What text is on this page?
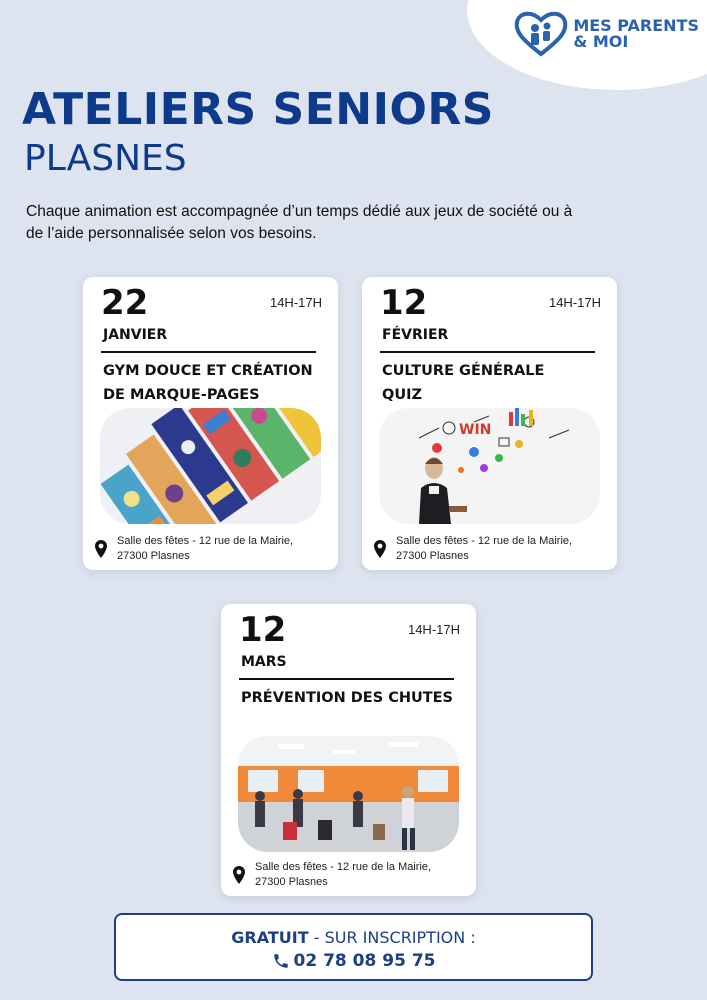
MES PARENTS
& MOI
ATELIERS SENIORS
PLASNES
Chaque animation est accompagnée d’un temps dédié aux jeux de société ou à de l’aide personnalisée selon vos besoins.
22
JANVIER
14H-17H
GYM DOUCE ET CRÉATION
DE MARQUE-PAGES
Salle des fêtes - 12 rue de la Mairie,
27300 Plasnes
12
FÉVRIER
14H-17H
CULTURE GÉNÉRALE
QUIZ
WIN
Salle des fêtes - 12 rue de la Mairie,
27300 Plasnes
12
MARS
14H-17H
PRÉVENTION DES CHUTES
Salle des fêtes - 12 rue de la Mairie,
27300 Plasnes
GRATUIT - SUR INSCRIPTION :
02 78 08 95 75
